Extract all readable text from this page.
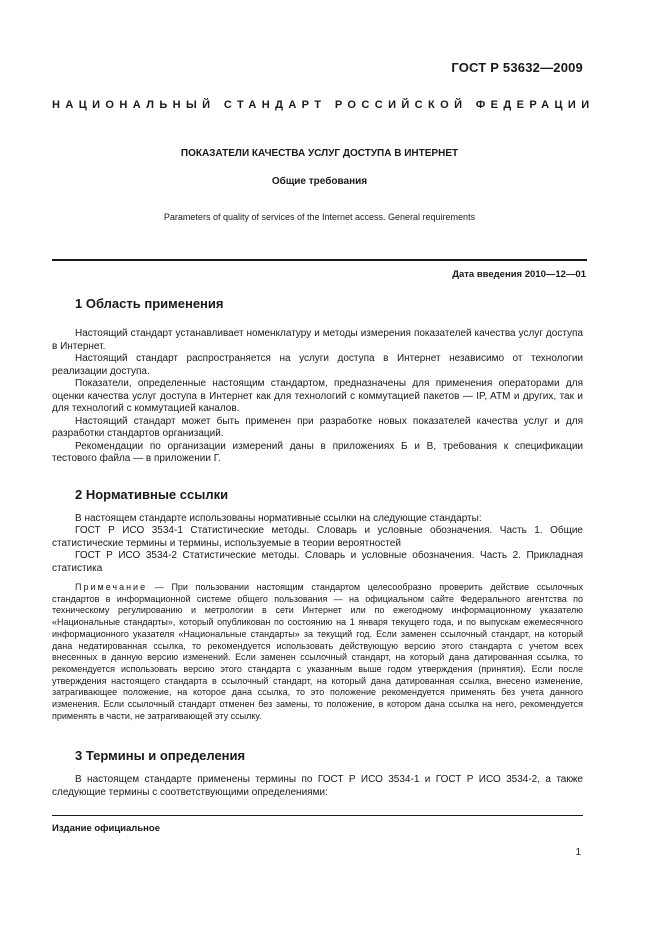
ГОСТ Р 53632—2009
НАЦИОНАЛЬНЫЙ СТАНДАРТ РОССИЙСКОЙ ФЕДЕРАЦИИ
ПОКАЗАТЕЛИ КАЧЕСТВА УСЛУГ ДОСТУПА В ИНТЕРНЕТ
Общие требования
Parameters of quality of services of the Internet access. General requirements
Дата введения 2010—12—01
1 Область применения

Настоящий стандарт устанавливает номенклатуру и методы измерения показателей качества услуг доступа в Интернет.

Настоящий стандарт распространяется на услуги доступа в Интернет независимо от технологии реализации доступа.

Показатели, определенные настоящим стандартом, предназначены для применения операторами для оценки качества услуг доступа в Интернет как для технологий с коммутацией пакетов — IP, ATM и других, так и для технологий с коммутацией каналов.

Настоящий стандарт может быть применен при разработке новых показателей качества услуг и для разработки стандартов организаций.

Рекомендации по организации измерений даны в приложениях Б и В, требования к спецификации тестового файла — в приложении Г.

2 Нормативные ссылки

В настоящем стандарте использованы нормативные ссылки на следующие стандарты:

ГОСТ Р ИСО 3534-1 Статистические методы. Словарь и условные обозначения. Часть 1. Общие статистические термины и термины, используемые в теории вероятностей

ГОСТ Р ИСО 3534-2 Статистические методы. Словарь и условные обозначения. Часть 2. Прикладная статистика

Примечание — При пользовании настоящим стандартом целесообразно проверить действие ссылочных стандартов в информационной системе общего пользования — на официальном сайте Федерального агентства по техническому регулированию и метрологии в сети Интернет или по ежегодному информационному указателю «Национальные стандарты», который опубликован по состоянию на 1 января текущего года, и по выпускам ежемесячного информационного указателя «Национальные стандарты» за текущий год. Если заменен ссылочный стандарт, на который дана недатированная ссылка, то рекомендуется использовать действующую версию этого стандарта с учетом всех внесенных в данную версию изменений. Если заменен ссылочный стандарт, на который дана датированная ссылка, то рекомендуется использовать версию этого стандарта с указанным выше годом утверждения (принятия). Если после утверждения настоящего стандарта в ссылочный стандарт, на который дана датированная ссылка, внесено изменение, затрагивающее положение, на которое дана ссылка, то это положение рекомендуется применять без учета данного изменения. Если ссылочный стандарт отменен без замены, то положение, в котором дана ссылка на него, рекомендуется применять в части, не затрагивающей эту ссылку.

3 Термины и определения

В настоящем стандарте применены термины по ГОСТ Р ИСО 3534-1 и ГОСТ Р ИСО 3534-2, а также следующие термины с соответствующими определениями:

Издание официальное
1
